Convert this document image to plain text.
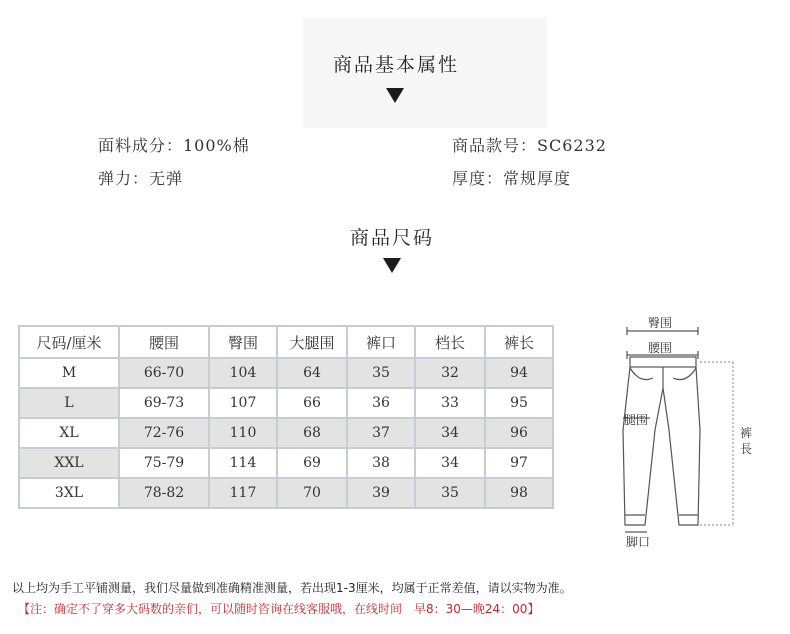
商品基本属性
面料成分：100%棉	商品款号：SC6232
弹力：无弹	厚度：常规厚度
商品尺码
尺码/厘米	腰围	臀围	大腿围	裤口	档长	裤长
M	66-70	104	64	35	32	94
L	69-73	107	66	36	33	95
XL	72-76	110	68	37	34	96
XXL	75-79	114	69	38	34	97
3XL	78-82	117	70	39	35	98
臀围
腰围
腿围
裤
長
脚口
以上均为手工平铺测量，我们尽量做到准确精准测量，若出现1-3厘米，均属于正常差值，请以实物为准。
【注：确定不了穿多大码数的亲们，可以随时咨询在线客服哦，在线时间　早8：30—晚24：00】
